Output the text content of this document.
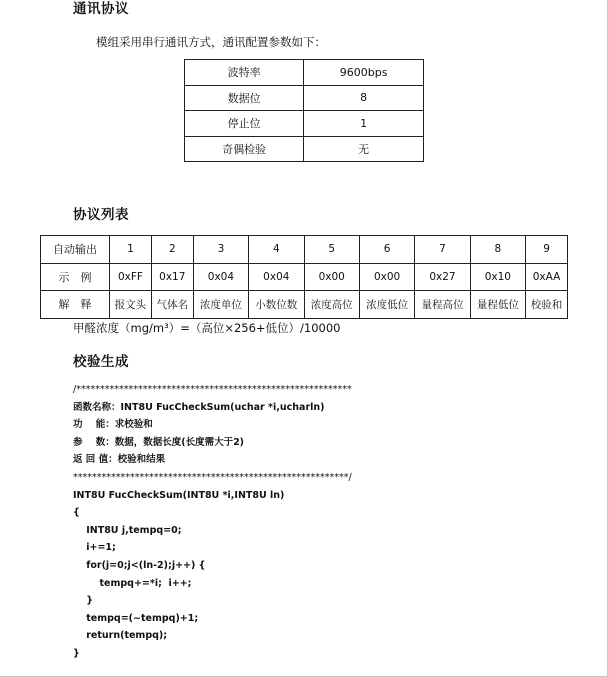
通讯协议
模组采用串行通讯方式，通讯配置参数如下：
波特率	9600bps
数据位	8
停止位	1
奇偶检验	无
协议列表
自动输出	1	2	3	4	5	6	7	8	9
示　例	0xFF	0x17	0x04	0x04	0x00	0x00	0x27	0x10	0xAA
解　释	报文头	气体名	浓度单位	小数位数	浓度高位	浓度低位	量程高位	量程低位	校验和
甲醛浓度（mg/m³）=（高位×256+低位）/10000
校验生成
/**********************************************************
函数名称：INT8U FucCheckSum(uchar *i,ucharln)
功    能：求校验和
参    数：数据，数据长度(长度需大于2)
返 回 值：校验和结果
**********************************************************/
INT8U FucCheckSum(INT8U *i,INT8U ln)
{
INT8U j,tempq=0;
i+=1;
for(j=0;j<(ln-2);j++) {
tempq+=*i;  i++;
}
tempq=(~tempq)+1;
return(tempq);
}
